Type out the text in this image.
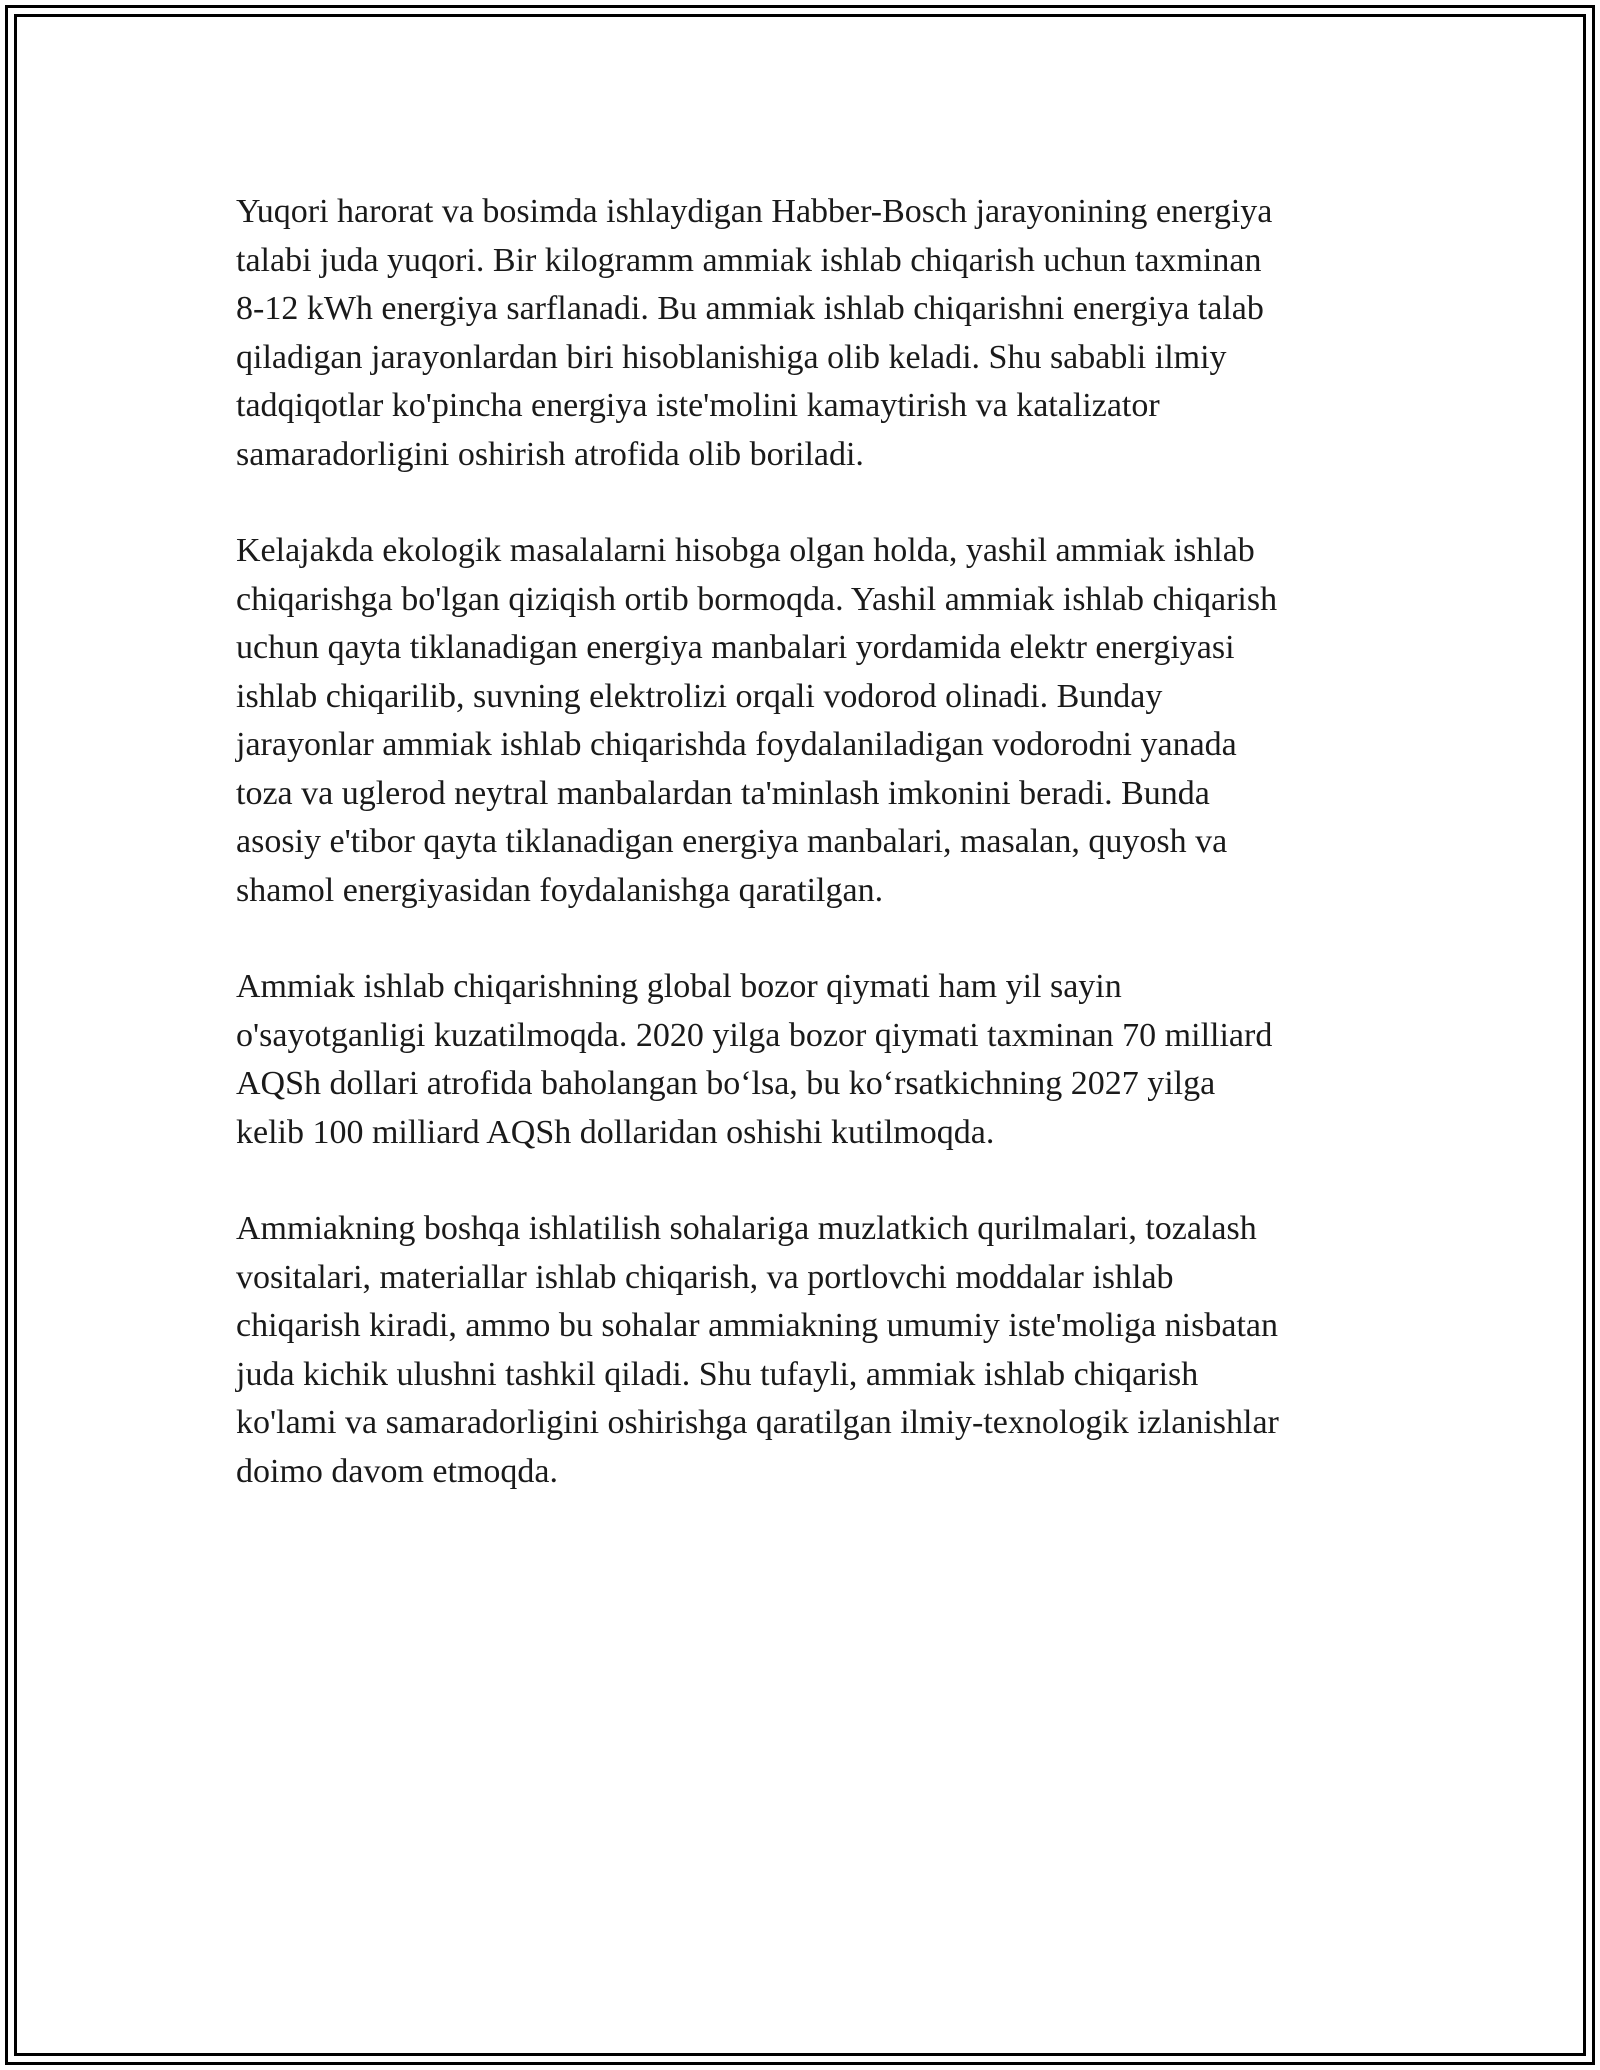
Yuqori harorat va bosimda ishlaydigan Habber-Bosch jarayonining energiya
talabi juda yuqori. Bir kilogramm ammiak ishlab chiqarish uchun taxminan
8-12 kWh energiya sarflanadi. Bu ammiak ishlab chiqarishni energiya talab
qiladigan jarayonlardan biri hisoblanishiga olib keladi. Shu sababli ilmiy
tadqiqotlar ko'pincha energiya iste'molini kamaytirish va katalizator
samaradorligini oshirish atrofida olib boriladi.

Kelajakda ekologik masalalarni hisobga olgan holda, yashil ammiak ishlab
chiqarishga bo'lgan qiziqish ortib bormoqda. Yashil ammiak ishlab chiqarish
uchun qayta tiklanadigan energiya manbalari yordamida elektr energiyasi
ishlab chiqarilib, suvning elektrolizi orqali vodorod olinadi. Bunday
jarayonlar ammiak ishlab chiqarishda foydalaniladigan vodorodni yanada
toza va uglerod neytral manbalardan ta'minlash imkonini beradi. Bunda
asosiy e'tibor qayta tiklanadigan energiya manbalari, masalan, quyosh va
shamol energiyasidan foydalanishga qaratilgan.

Ammiak ishlab chiqarishning global bozor qiymati ham yil sayin
o'sayotganligi kuzatilmoqda. 2020 yilga bozor qiymati taxminan 70 milliard
AQSh dollari atrofida baholangan bo‘lsa, bu ko‘rsatkichning 2027 yilga
kelib 100 milliard AQSh dollaridan oshishi kutilmoqda.

Ammiakning boshqa ishlatilish sohalariga muzlatkich qurilmalari, tozalash
vositalari, materiallar ishlab chiqarish, va portlovchi moddalar ishlab
chiqarish kiradi, ammo bu sohalar ammiakning umumiy iste'moliga nisbatan
juda kichik ulushni tashkil qiladi. Shu tufayli, ammiak ishlab chiqarish
ko'lami va samaradorligini oshirishga qaratilgan ilmiy-texnologik izlanishlar
doimo davom etmoqda.
